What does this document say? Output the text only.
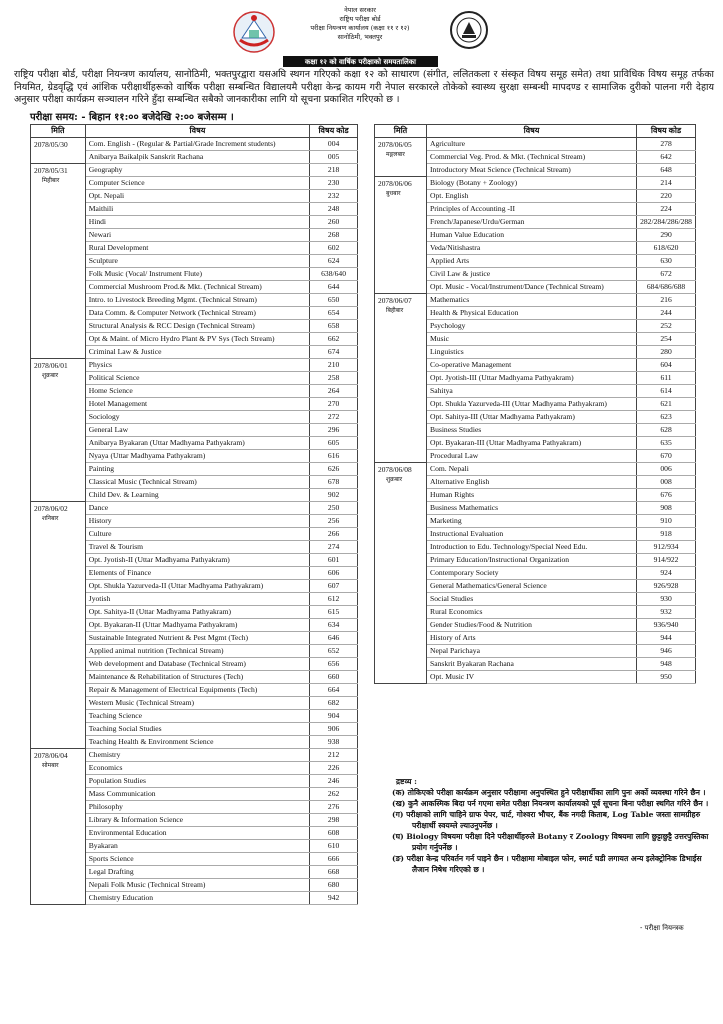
नेपाल सरकार
राष्ट्रिय परीक्षा बोर्ड
परीक्षा नियन्त्रण कार्यालय (कक्षा ११ र १२)
सानोठिमी, भक्तपुर
कक्षा १२ को वार्षिक परीक्षाको समयतालिका
राष्ट्रिय परीक्षा बोर्ड, परीक्षा नियन्त्रण कार्यालय, सानोठिमी, भक्तपुरद्वारा यसअघि स्थगन गरिएको कक्षा १२ को साधारण (संगीत, ललितकला र संस्कृत विषय समूह समेत) तथा प्राविधिक विषय समूह तर्फका नियमित, ग्रेडवृद्धि एवं आंशिक परीक्षार्थीहरूको वार्षिक परीक्षा सम्बन्धित विद्यालयमै परीक्षा केन्द्र कायम गरी नेपाल सरकारले तोकेको स्वास्थ्य सुरक्षा सम्बन्धी मापदण्ड र सामाजिक दुरीको पालना गरी देहाय अनुसार परीक्षा कार्यक्रम सञ्चालन गरिने हुँदा सम्बन्धित सबैको जानकारीका लागि यो सूचना प्रकाशित गरिएको छ ।
परीक्षा समय: - बिहान ११:०० बजेदेखि २:०० बजेसम्म ।
मिति	विषय	विषय कोड
2078/05/30	Com. English - (Regular & Partial/Grade Increment students)	004
	Anibarya Baikalpik Sanskrit Rachana	005
2078/05/31
मिहीबार	Geography	218
	Computer Science	230
	Opt. Nepali	232
	Maithili	248
	Hindi	260
	Newari	268
	Rural Development	602
	Sculpture	624
	Folk Music (Vocal/ Instrument Flute)	638/640
	Commercial Mushroom Prod.& Mkt. (Technical Stream)	644
	Intro. to Livestock Breeding Mgmt. (Technical Stream)	650
	Data Comm. & Computer Network (Technical Stream)	654
	Structural Analysis & RCC Design (Technical Stream)	658
	Opt & Maint. of Micro Hydro Plant & PV Sys (Tech Stream)	662
	Criminal Law & Justice	674
2078/06/01
शुक्रबार	Physics	210
	Political Science	258
	Home Science	264
	Hotel Management	270
	Sociology	272
	General Law	296
	Anibarya Byakaran (Uttar Madhyama Pathyakram)	605
	Nyaya (Uttar Madhyama Pathyakram)	616
	Painting	626
	Classical Music (Technical Stream)	678
	Child Dev. & Learning	902
2078/06/02
शनिबार	Dance	250
	History	256
	Culture	266
	Travel & Tourism	274
	Opt. Jyotish-II (Uttar Madhyama Pathyakram)	601
	Elements of Finance	606
	Opt. Shukla Yazurveda-II (Uttar Madhyama Pathyakram)	607
	Jyotish	612
	Opt. Sahitya-II (Uttar Madhyama Pathyakram)	615
	Opt. Byakaran-II (Uttar Madhyama Pathyakram)	634
	Sustainable Integrated Nutrient & Pest Mgmt (Tech)	646
	Applied animal nutrition (Technical Stream)	652
	Web development and Database (Technical Stream)	656
	Maintenance & Rehabilitation of Structures (Tech)	660
	Repair & Management of Electrical Equipments (Tech)	664
	Western Music (Technical Stream)	682
	Teaching Science	904
	Teaching Social Studies	906
	Teaching Health & Environment Science	938
2078/06/04
सोमबार	Chemistry	212
	Economics	226
	Population Studies	246
	Mass Communication	262
	Philosophy	276
	Library & Information Science	298
	Environmental Education	608
	Byakaran	610
	Sports Science	666
	Legal Drafting	668
	Nepali Folk Music (Technical Stream)	680
	Chemistry Education	942
मिति	विषय	विषय कोड
2078/06/05
मङ्गलबार	Agriculture	278
	Commercial Veg. Prod. & Mkt. (Technical Stream)	642
	Introductory Meat Science (Technical Stream)	648
2078/06/06
बुधबार	Biology (Botany + Zoology)	214
	Opt. English	220
	Principles of Accounting -II	224
	French/Japanese/Urdu/German	282/284/286/288
	Human Value Education	290
	Veda/Nitishastra	618/620
	Applied Arts	630
	Civil Law & justice	672
	Opt. Music - Vocal/Instrument/Dance (Technical Stream)	684/686/688
2078/06/07
बिहीबार	Mathematics	216
	Health & Physical Education	244
	Psychology	252
	Music	254
	Linguistics	280
	Co-operative Management	604
	Opt. Jyotish-III (Uttar Madhyama Pathyakram)	611
	Sahitya	614
	Opt. Shukla Yazurveda-III (Uttar Madhyama Pathyakram)	621
	Opt. Sahitya-III (Uttar Madhyama Pathyakram)	623
	Business Studies	628
	Opt. Byakaran-III (Uttar Madhyama Pathyakram)	635
	Procedural Law	670
2078/06/08
शुक्रबार	Com. Nepali	006
	Alternative English	008
	Human Rights	676
	Business Mathematics	908
	Marketing	910
	Instructional Evaluation	918
	Introduction to Edu. Technology/Special Need Edu.	912/934
	Primary Education/Instructional Organization	914/922
	Contemporary Society	924
	General Mathematics/General Science	926/928
	Social Studies	930
	Rural Economics	932
	Gender Studies/Food & Nutrition	936/940
	History of Arts	944
	Nepal Parichaya	946
	Sanskrit Byakaran Rachana	948
	Opt. Music IV	950
द्रष्टव्य :
(क) तोकिएको परीक्षा कार्यक्रम अनुसार परीक्षामा अनुपस्थित हुने परीक्षार्थीका लागि पुनः अर्को व्यवस्था गरिने छैन ।
(ख) कुनै आकस्मिक बिदा पर्न गएमा समेत परीक्षा नियन्त्रण कार्यालयको पूर्व सूचना बिना परीक्षा स्थगित गरिने छैन ।
(ग) परीक्षाको लागि चाहिने ग्राफ पेपर, चार्ट, गोश्वरा भौचर, बैंक नगदी किताब, Log Table जस्ता सामग्रीहरु परीक्षार्थी स्वयम्ले ल्याउनुपर्नेछ ।
(घ) Biology विषयमा परीक्षा दिने परीक्षार्थीहरुले Botany र Zoology विषयमा लागि छुट्टाछुट्टै उत्तरपुस्तिका प्रयोग गर्नुपर्नेछ ।
(ङ) परीक्षा केन्द्र परिवर्तन गर्न पाइने छैन । परीक्षामा मोबाइल फोन, स्मार्ट घडी लगायत अन्य इलेक्ट्रोनिक डिभाईस लैजान निषेध गरिएको छ ।
- परीक्षा नियन्त्रक
